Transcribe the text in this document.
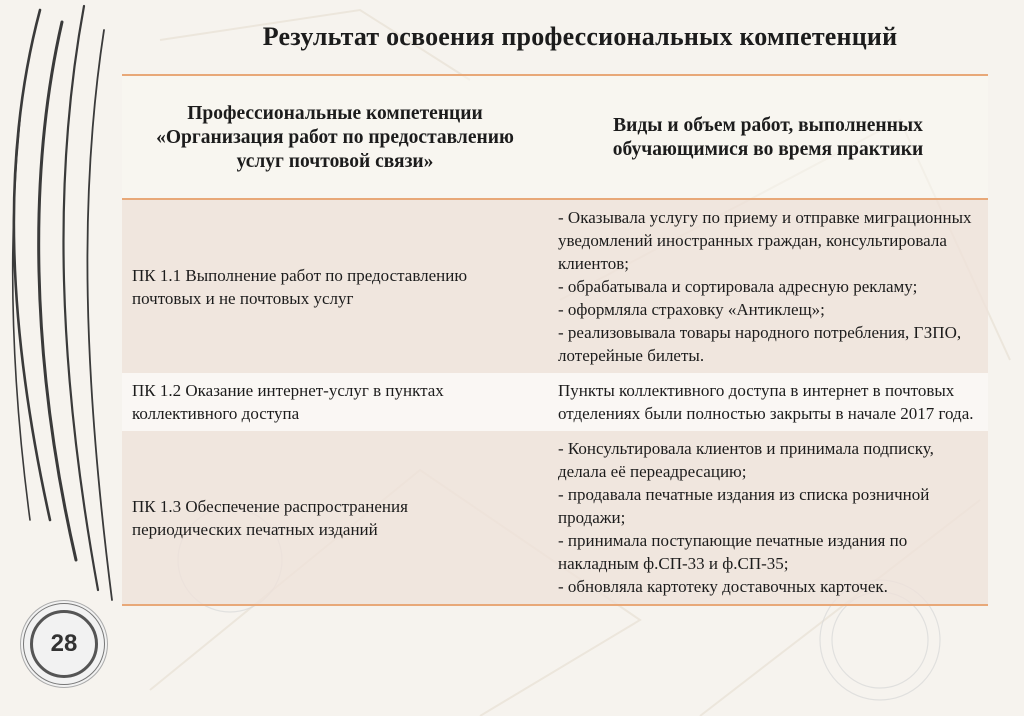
Результат освоения профессиональных компетенций
Профессиональные компетенции «Организация работ по предоставлению услуг почтовой связи»	Виды и объем работ, выполненных обучающимися во время практики
ПК 1.1 Выполнение работ по предоставлению почтовых и не почтовых услуг	- Оказывала услугу по приему и отправке миграционных уведомлений иностранных граждан, консультировала клиентов;
- обрабатывала и сортировала адресную рекламу;
- оформляла страховку «Антиклещ»;
- реализовывала товары народного потребления, ГЗПО, лотерейные билеты.

ПК 1.2 Оказание интернет-услуг в пунктах коллективного доступа	Пункты коллективного доступа в интернет в почтовых отделениях были полностью закрыты в начале 2017 года.

ПК 1.3 Обеспечение распространения периодических печатных изданий	- Консультировала клиентов и принимала подписку, делала её переадресацию;
- продавала печатные издания из списка розничной продажи;
- принимала поступающие печатные издания по накладным ф.СП-33 и ф.СП-35;
- обновляла картотеку доставочных карточек.
28
